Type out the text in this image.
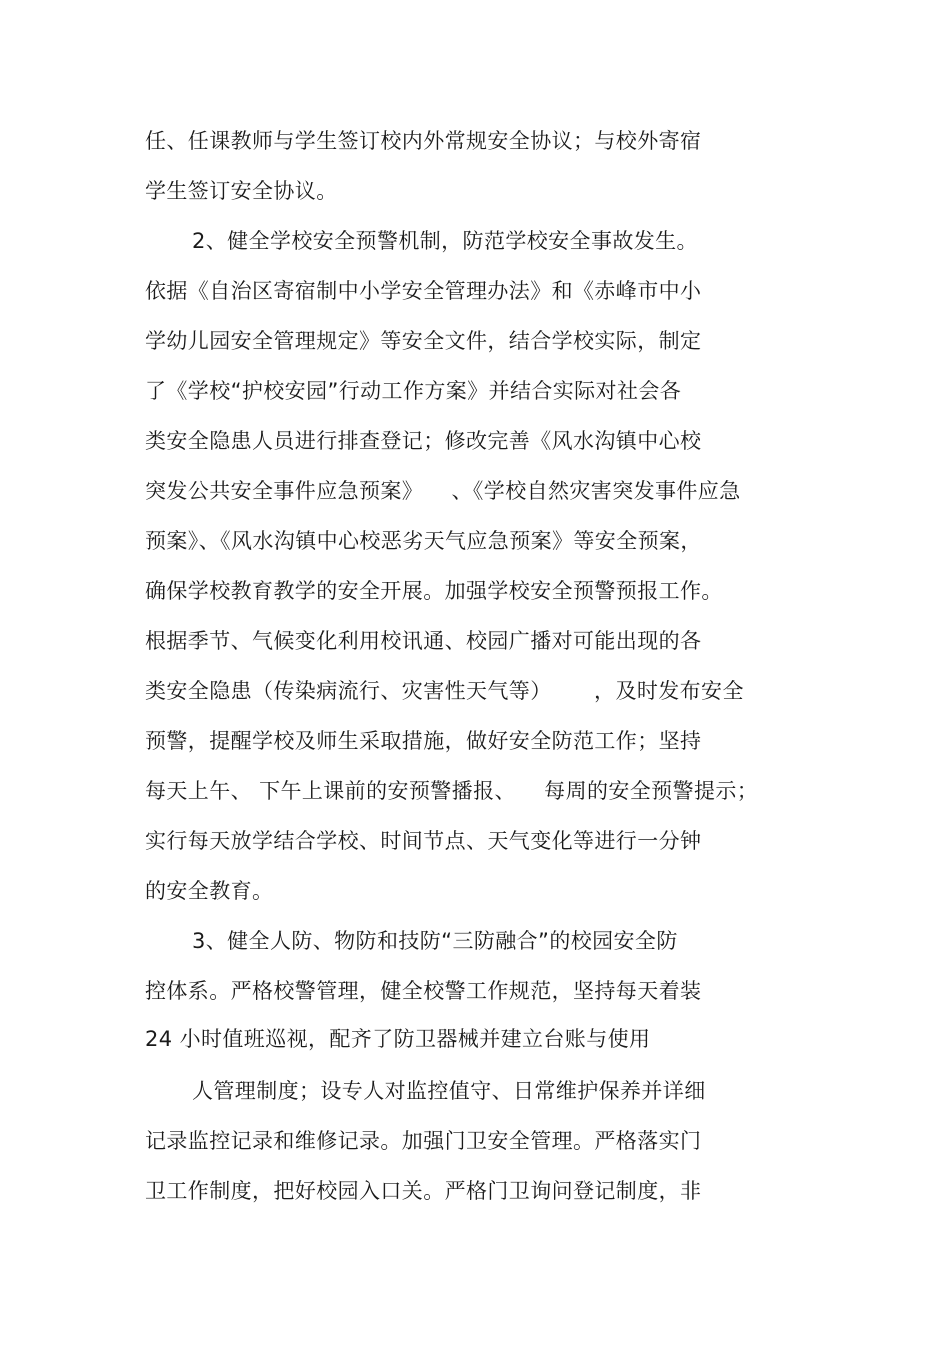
任、任课教师与学生签订校内外常规安全协议；与校外寄宿
学生签订安全协议。
2、健全学校安全预警机制，防范学校安全事故发生。
依据《自治区寄宿制中小学安全管理办法》和《赤峰市中小
学幼儿园安全管理规定》等安全文件，结合学校实际，制定
了《学校“护校安园”行动工作方案》并结合实际对社会各
类安全隐患人员进行排查登记；修改完善《风水沟镇中心校
突发公共安全事件应急预案》    、《学校自然灾害突发事件应急
预案》、《风水沟镇中心校恶劣天气应急预案》等安全预案，
确保学校教育教学的安全开展。加强学校安全预警预报工作。
根据季节、气候变化利用校讯通、校园广播对可能出现的各
类安全隐患（传染病流行、灾害性天气等）      ，及时发布安全
预警，提醒学校及师生采取措施，做好安全防范工作；坚持
每天上午、 下午上课前的安预警播报、    每周的安全预警提示；
实行每天放学结合学校、时间节点、天气变化等进行一分钟
的安全教育。
3、健全人防、物防和技防“三防融合”的校园安全防
控体系。严格校警管理，健全校警工作规范，坚持每天着装
24 小时值班巡视，配齐了防卫器械并建立台账与使用
人管理制度；设专人对监控值守、日常维护保养并详细
记录监控记录和维修记录。加强门卫安全管理。严格落实门
卫工作制度，把好校园入口关。严格门卫询问登记制度，非
